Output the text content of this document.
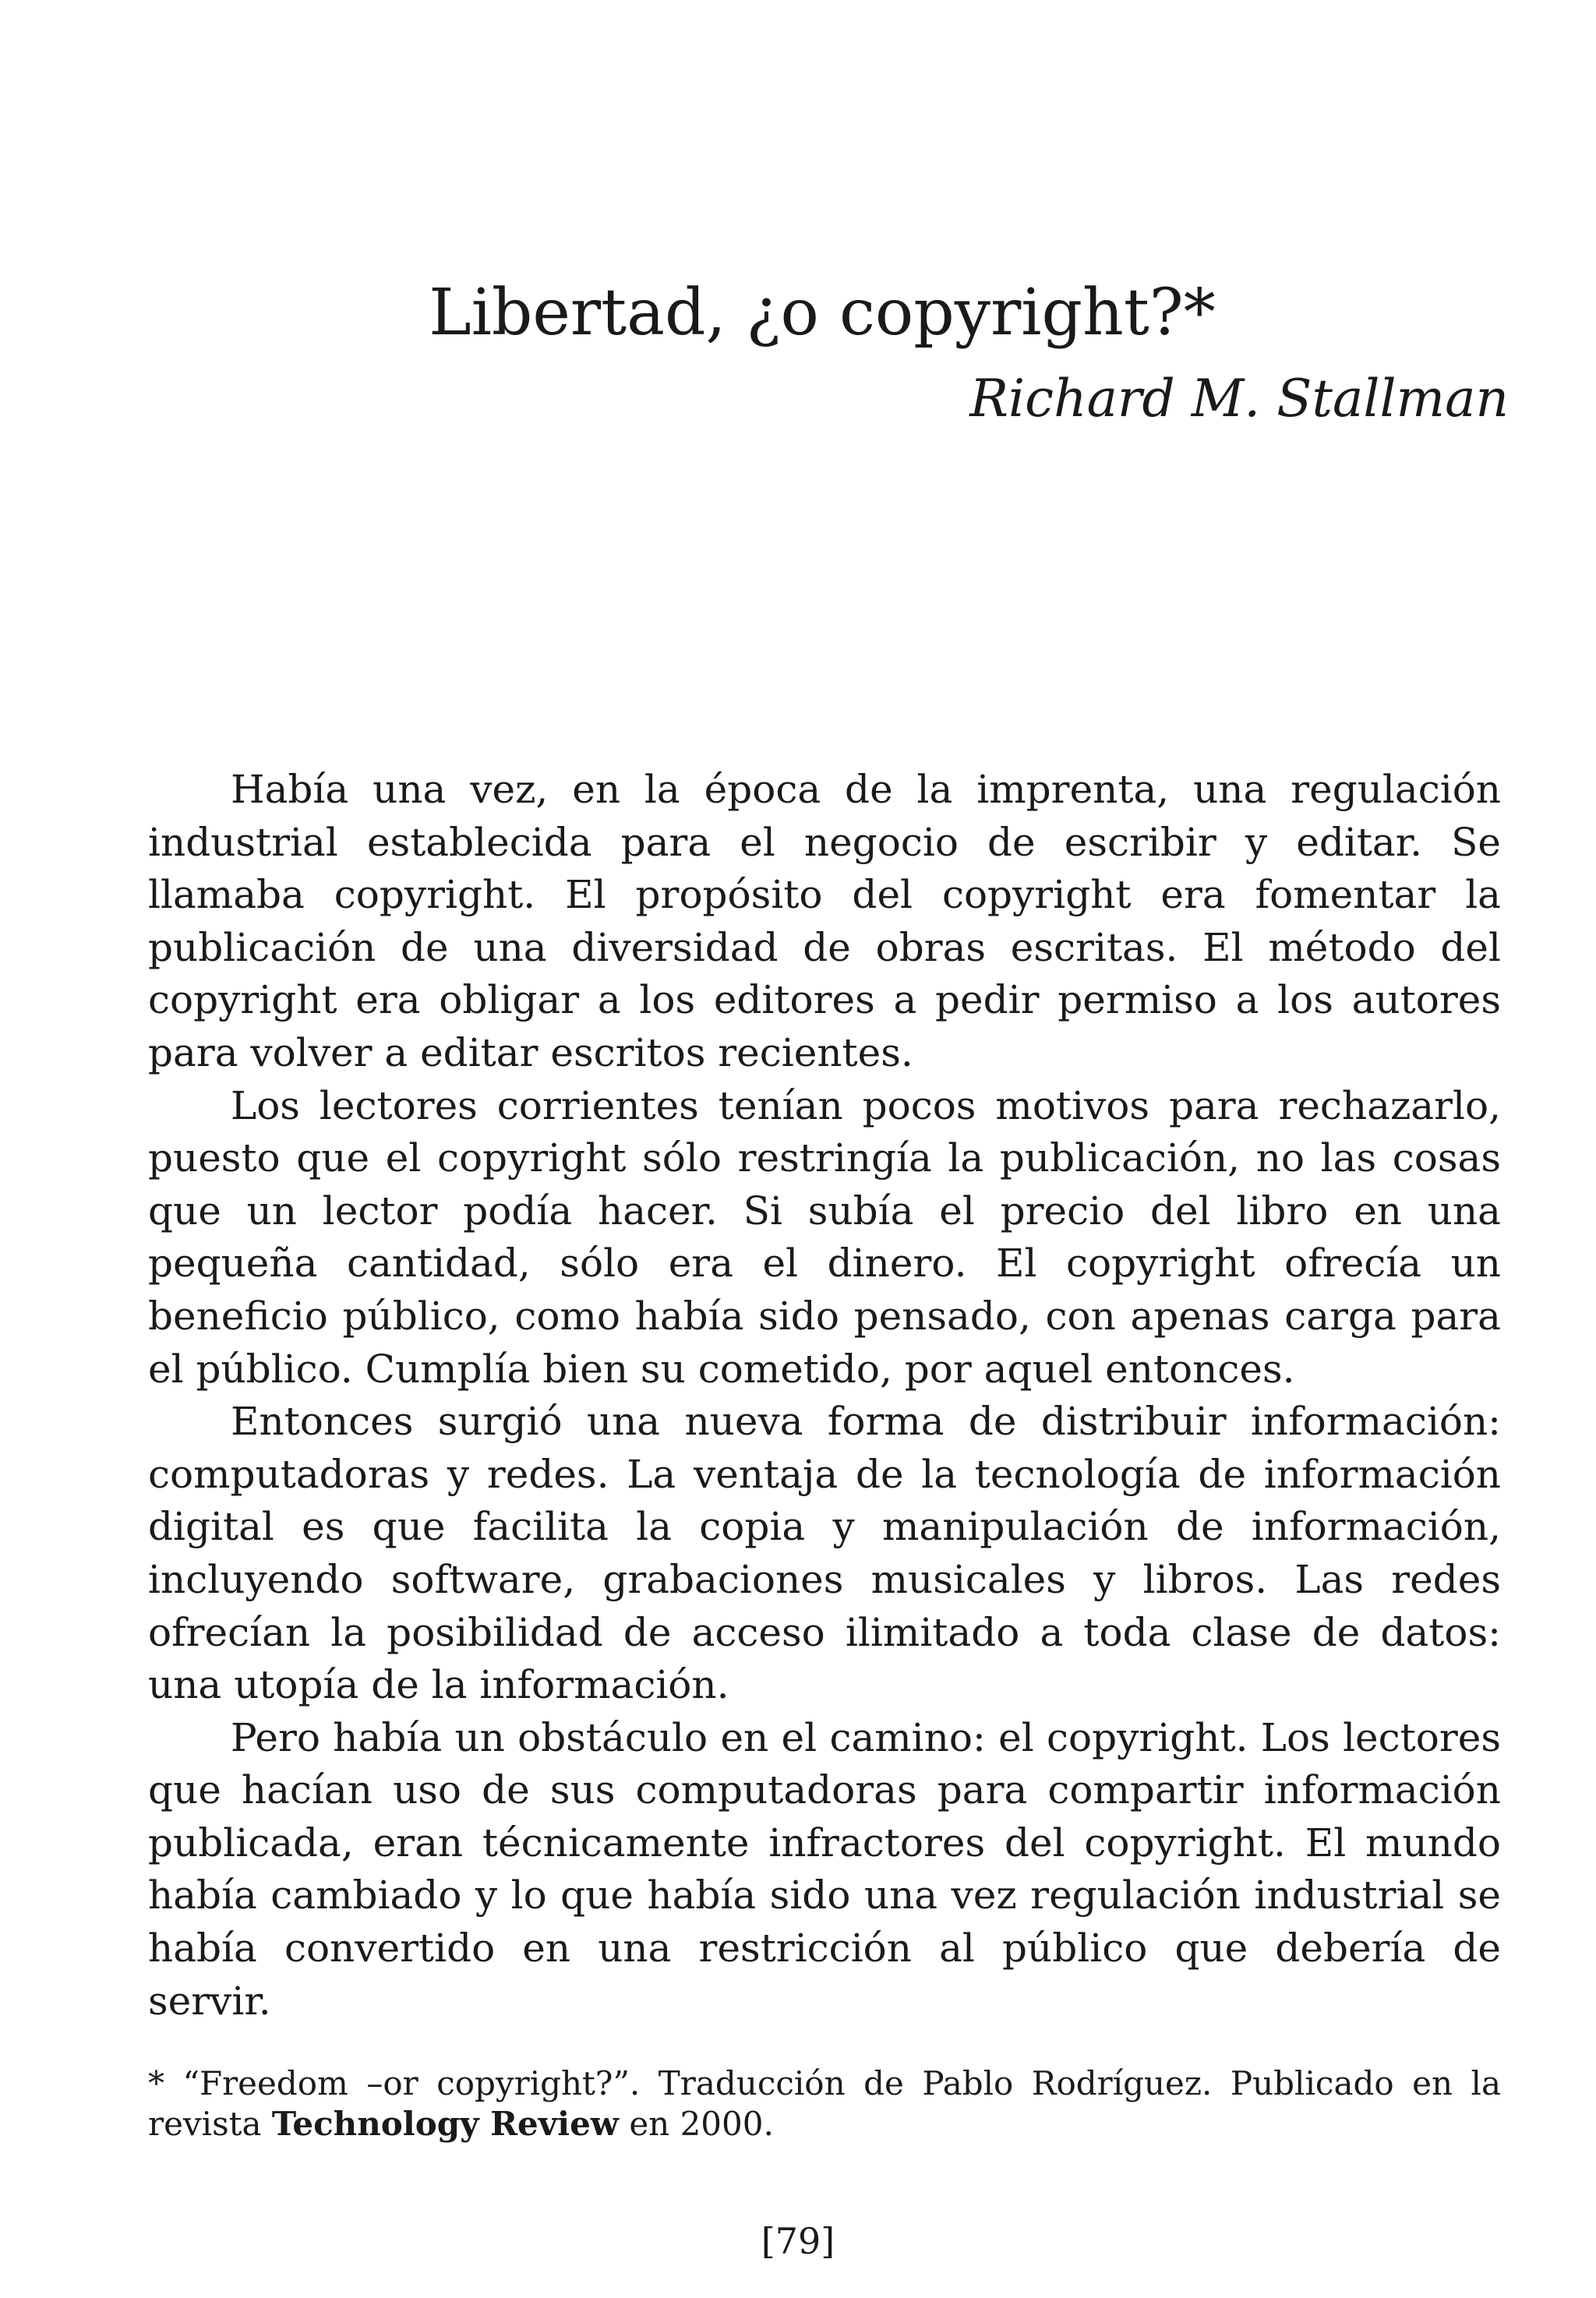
Libertad, ¿o copyright?*
Richard M. Stallman

Había una vez, en la época de la imprenta, una regulación industrial establecida para el negocio de escribir y editar. Se llamaba copyright. El propósito del copyright era fomentar la publicación de una diversidad de obras escritas. El método del copyright era obligar a los editores a pedir permiso a los autores para volver a editar escritos recientes.

Los lectores corrientes tenían pocos motivos para rechazarlo, puesto que el copyright sólo restringía la publicación, no las cosas que un lector podía hacer. Si subía el precio del libro en una pequeña cantidad, sólo era el dinero. El copyright ofrecía un beneficio público, como había sido pensado, con apenas carga para el público. Cumplía bien su cometido, por aquel entonces.

Entonces surgió una nueva forma de distribuir información: computadoras y redes. La ventaja de la tecnología de información digital es que facilita la copia y manipulación de información, incluyendo software, grabaciones musicales y libros. Las redes ofrecían la posibilidad de acceso ilimitado a toda clase de datos: una utopía de la información.

Pero había un obstáculo en el camino: el copyright. Los lectores que hacían uso de sus computadoras para compartir información publicada, eran técnicamente infractores del copyright. El mundo había cambiado y lo que había sido una vez regulación industrial se había convertido en una restricción al público que debería de servir.

* “Freedom –or copyright?”. Traducción de Pablo Rodríguez. Publicado en la revista Technology Review en 2000.
[79]
